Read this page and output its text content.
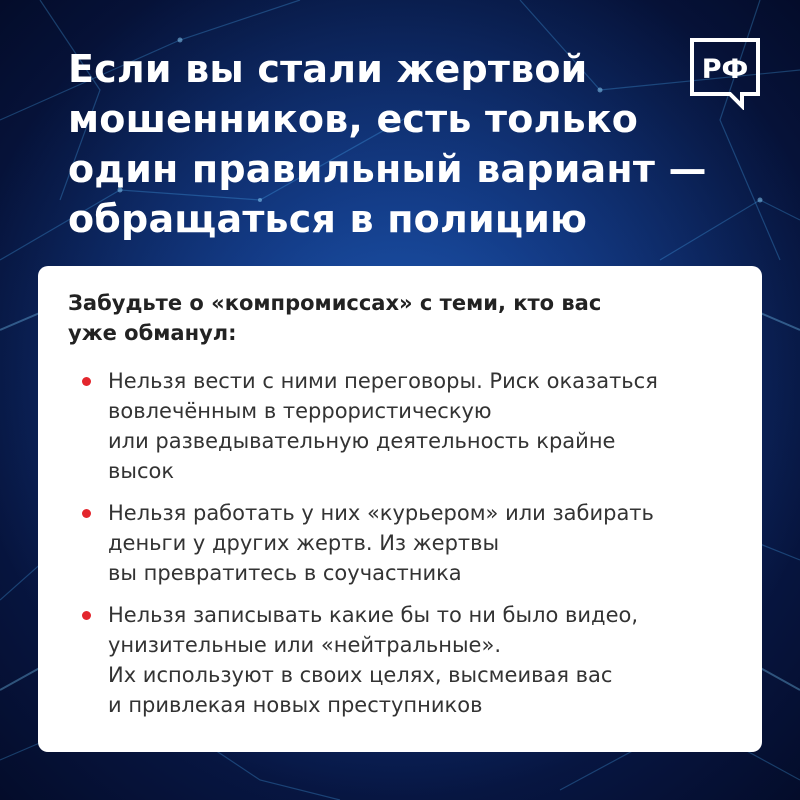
Если вы стали жертвой
мошенников, есть только
один правильный вариант —
обращаться в полицию
РФ

Забудьте о «компромиссах» с теми, кто вас
уже обманул:

Нельзя вести с ними переговоры. Риск оказаться
вовлечённым в террористическую
или разведывательную деятельность крайне
высок
Нельзя работать у них «курьером» или забирать
деньги у других жертв. Из жертвы
вы превратитесь в соучастника
Нельзя записывать какие бы то ни было видео,
унизительные или «нейтральные».
Их используют в своих целях, высмеивая вас
и привлекая новых преступников
